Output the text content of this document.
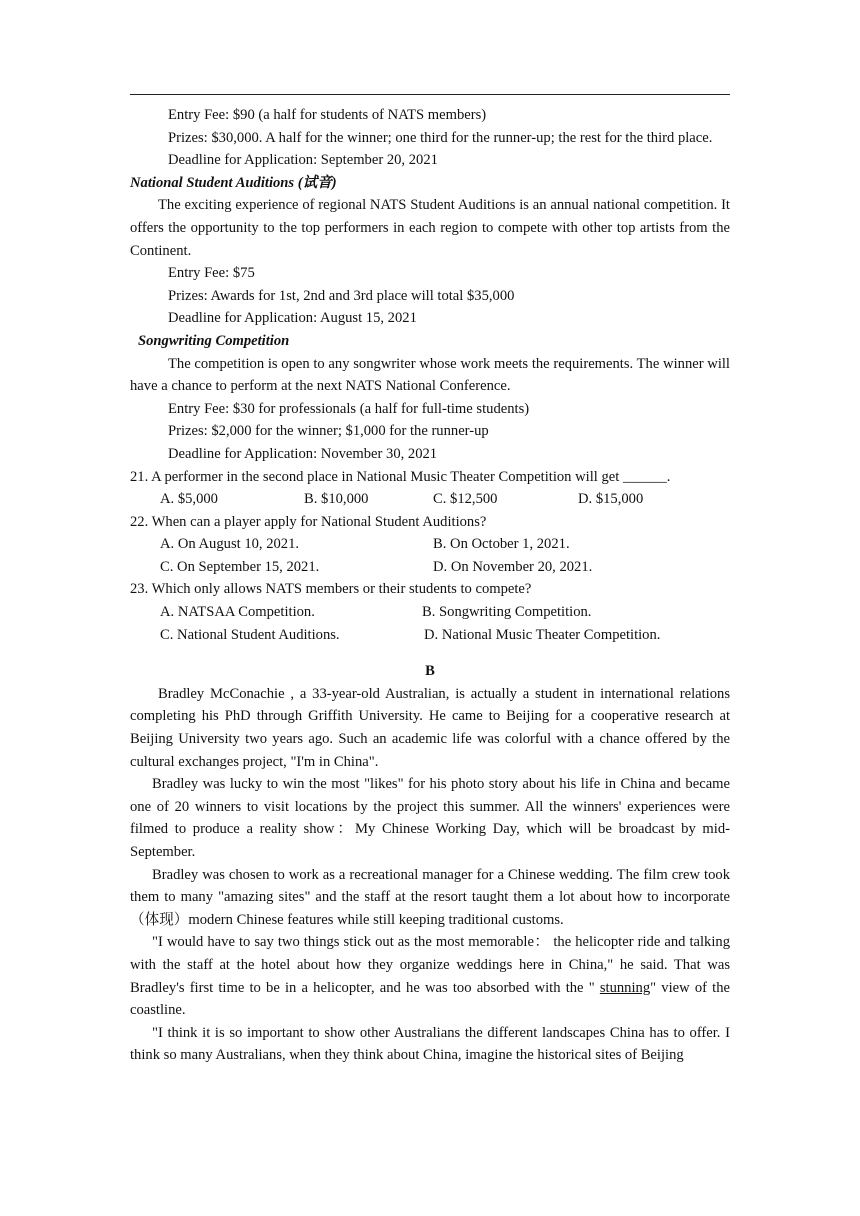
Entry Fee: $90 (a half for students of NATS members)

Prizes: $30,000. A half for the winner; one third for the runner-up; the rest for the third place.

Deadline for Application: September 20, 2021

National Student Auditions (试音)

The exciting experience of regional NATS Student Auditions is an annual national competition. It offers the opportunity to the top performers in each region to compete with other top artists from the Continent.

Entry Fee: $75

Prizes: Awards for 1st, 2nd and 3rd place will total $35,000

Deadline for Application: August 15, 2021

Songwriting Competition

The competition is open to any songwriter whose work meets the requirements. The winner will have a chance to perform at the next NATS National Conference.

Entry Fee: $30 for professionals (a half for full-time students)

Prizes: $2,000 for the winner; $1,000 for the runner-up

Deadline for Application: November 30, 2021

21. A performer in the second place in National Music Theater Competition will get ______.

A. $5,000	B. $10,000	C. $12,500	D. $15,000

22. When can a player apply for National Student Auditions?

A. On August 10, 2021.	B. On October 1, 2021.
C. On September 15, 2021.	D. On November 20, 2021.

23. Which only allows NATS members or their students to compete?

A. NATSAA Competition.	B. Songwriting Competition.
C. National Student Auditions.	D. National Music Theater Competition.

B

Bradley McConachie , a 33-year-old Australian, is actually a student in international relations completing his PhD through Griffith University. He came to Beijing for a cooperative research at Beijing University two years ago. Such an academic life was colorful with a chance offered by the cultural exchanges project, "I'm in China".

Bradley was lucky to win the most "likes" for his photo story about his life in China and became one of 20 winners to visit locations by the project this summer. All the winners' experiences were filmed to produce a reality show：My Chinese Working Day, which will be broadcast by mid-September.

Bradley was chosen to work as a recreational manager for a Chinese wedding. The film crew took them to many "amazing sites" and the staff at the resort taught them a lot about how to incorporate（体现）modern Chinese features while still keeping traditional customs.

"I would have to say two things stick out as the most memorable： the helicopter ride and talking with the staff at the hotel about how they organize weddings here in China," he said. That was Bradley's first time to be in a helicopter, and he was too absorbed with the " stunning" view of the coastline.

"I think it is so important to show other Australians the different landscapes China has to offer. I think so many Australians, when they think about China, imagine the historical sites of Beijing
